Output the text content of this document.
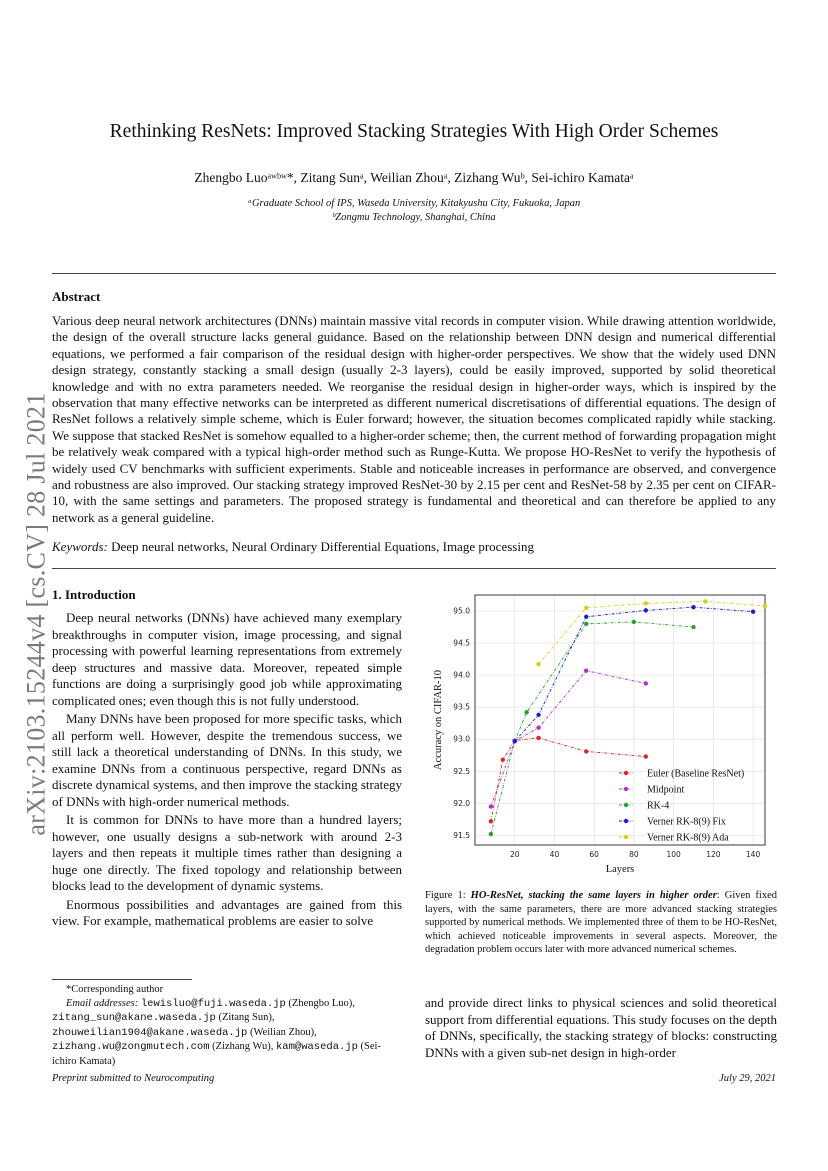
arXiv:2103.15244v4 [cs.CV] 28 Jul 2021
Rethinking ResNets: Improved Stacking Strategies With High Order Schemes
Zhengbo Luoᵃʷᵇʷ*, Zitang Sunᵃ, Weilian Zhouᵃ, Zizhang Wuᵇ, Sei-ichiro Kamataᵃ
ᵃGraduate School of IPS, Waseda University, Kitakyushu City, Fukuoka, Japan
ᵇZongmu Technology, Shanghai, China
Abstract
Various deep neural network architectures (DNNs) maintain massive vital records in computer vision. While drawing attention worldwide, the design of the overall structure lacks general guidance. Based on the relationship between DNN design and numerical differential equations, we performed a fair comparison of the residual design with higher-order perspectives. We show that the widely used DNN design strategy, constantly stacking a small design (usually 2-3 layers), could be easily improved, supported by solid theoretical knowledge and with no extra parameters needed. We reorganise the residual design in higher-order ways, which is inspired by the observation that many effective networks can be interpreted as different numerical discretisations of differential equations. The design of ResNet follows a relatively simple scheme, which is Euler forward; however, the situation becomes complicated rapidly while stacking. We suppose that stacked ResNet is somehow equalled to a higher-order scheme; then, the current method of forwarding propagation might be relatively weak compared with a typical high-order method such as Runge-Kutta. We propose HO-ResNet to verify the hypothesis of widely used CV benchmarks with sufficient experiments. Stable and noticeable increases in performance are observed, and convergence and robustness are also improved. Our stacking strategy improved ResNet-30 by 2.15 per cent and ResNet-58 by 2.35 per cent on CIFAR-10, with the same settings and parameters. The proposed strategy is fundamental and theoretical and can therefore be applied to any network as a general guideline.
Keywords: Deep neural networks, Neural Ordinary Differential Equations, Image processing
1. Introduction

Deep neural networks (DNNs) have achieved many exemplary breakthroughs in computer vision, image processing, and signal processing with powerful learning representations from extremely deep structures and massive data. Moreover, repeated simple functions are doing a surprisingly good job while approximating complicated ones; even though this is not fully understood.

Many DNNs have been proposed for more specific tasks, which all perform well. However, despite the tremendous success, we still lack a theoretical understanding of DNNs. In this study, we examine DNNs from a continuous perspective, regard DNNs as discrete dynamical systems, and then improve the stacking strategy of DNNs with high-order numerical methods.

It is common for DNNs to have more than a hundred layers; however, one usually designs a sub-network with around 2-3 layers and then repeats it multiple times rather than designing a huge one directly. The fixed topology and relationship between blocks lead to the development of dynamic systems.

Enormous possibilities and advantages are gained from this view. For example, mathematical problems are easier to solve

*Corresponding author
Email addresses: lewisluo@fuji.waseda.jp (Zhengbo Luo), zitang_sun@akane.waseda.jp (Zitang Sun), zhouweilian1904@akane.waseda.jp (Weilian Zhou), zizhang.wu@zongmutech.com (Zizhang Wu), kam@waseda.jp (Sei-ichiro Kamata)
20	40	60	80	100	120	140
91.5
92.0
92.5
93.0
93.5
94.0
94.5
95.0
Layers
Accuracy on CIFAR-10
Euler (Baseline ResNet)
Midpoint
RK-4
Verner RK-8(9) Fix
Verner RK-8(9) Ada
Figure 1: HO-ResNet, stacking the same layers in higher order: Given fixed layers, with the same parameters, there are more advanced stacking strategies supported by numerical methods. We implemented three of them to be HO-ResNet, which achieved noticeable improvements in several aspects. Moreover, the degradation problem occurs later with more advanced numerical schemes.
and provide direct links to physical sciences and solid theoretical support from differential equations. This study focuses on the depth of DNNs, specifically, the stacking strategy of blocks: constructing DNNs with a given sub-net design in high-order
Preprint submitted to Neurocomputing	July 29, 2021
